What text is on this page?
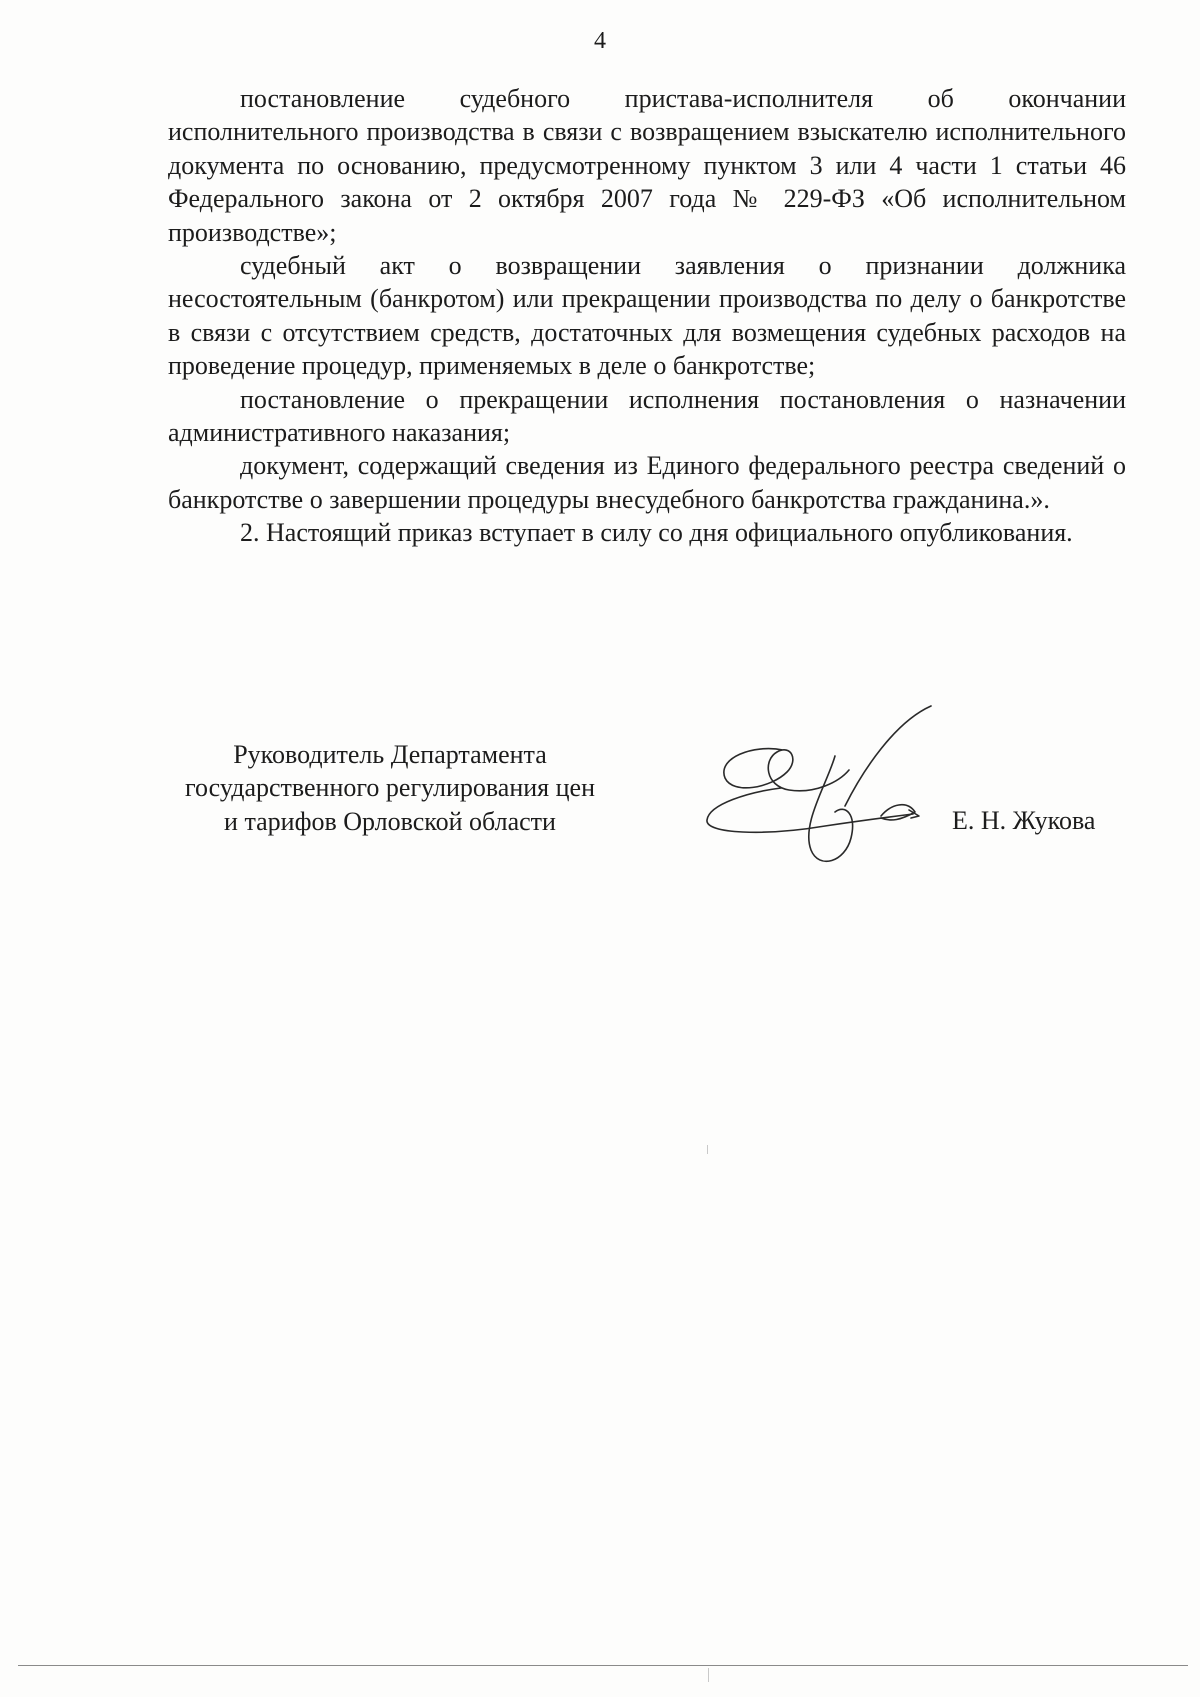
4

постановление судебного пристава-исполнителя об окончании исполнительного производства в связи с возвращением взыскателю исполнительного документа по основанию, предусмотренному пунктом 3 или 4 части 1 статьи 46 Федерального закона от 2 октября 2007 года № 229-ФЗ «Об исполнительном производстве»;

судебный акт о возвращении заявления о признании должника несостоятельным (банкротом) или прекращении производства по делу о банкротстве в связи с отсутствием средств, достаточных для возмещения судебных расходов на проведение процедур, применяемых в деле о банкротстве;

постановление о прекращении исполнения постановления о назначении административного наказания;

документ, содержащий сведения из Единого федерального реестра сведений о банкротстве о завершении процедуры внесудебного банкротства гражданина.».

2. Настоящий приказ вступает в силу со дня официального опубликования.

Руководитель Департамента
государственного регулирования цен
и тарифов Орловской области	Е. Н. Жукова
